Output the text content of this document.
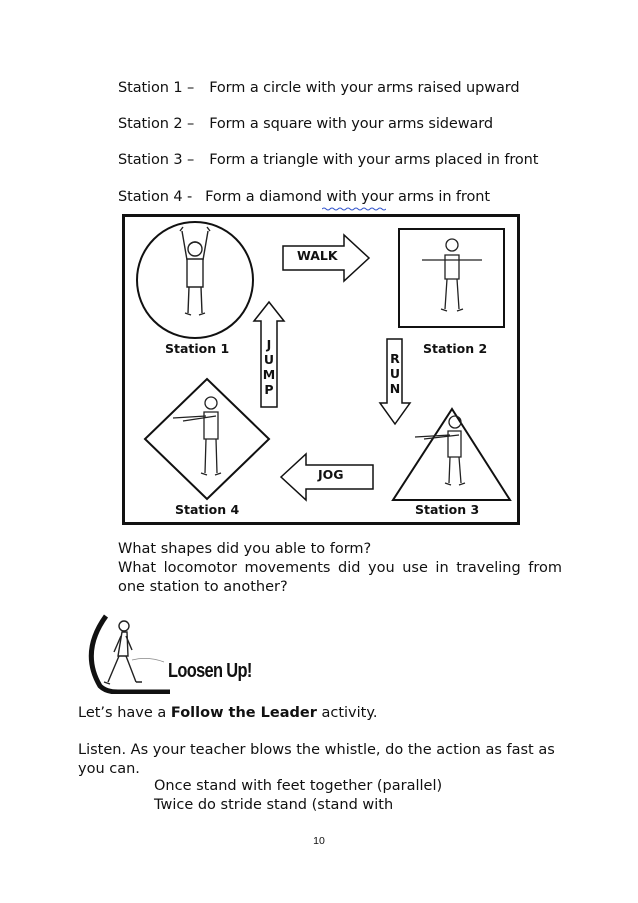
Station 1 – Form a circle with your arms raised upward
Station 2 – Form a square with your arms sideward
Station 3 – Form a triangle with your arms placed in front
Station 4 - Form a diamond with your arms in front
WALK
JOG
J
U
M
P
R
U
N
Station 1	Station 2
Station 3
Station 4
What shapes did you able to form?
What locomotor movements did you use in traveling from one station to another?
Loosen Up!
Let’s have a Follow the Leader activity.
Listen. As your teacher blows the whistle, do the action as fast as you can.
Once stand with feet together (parallel)
Twice do stride stand (stand with
10
